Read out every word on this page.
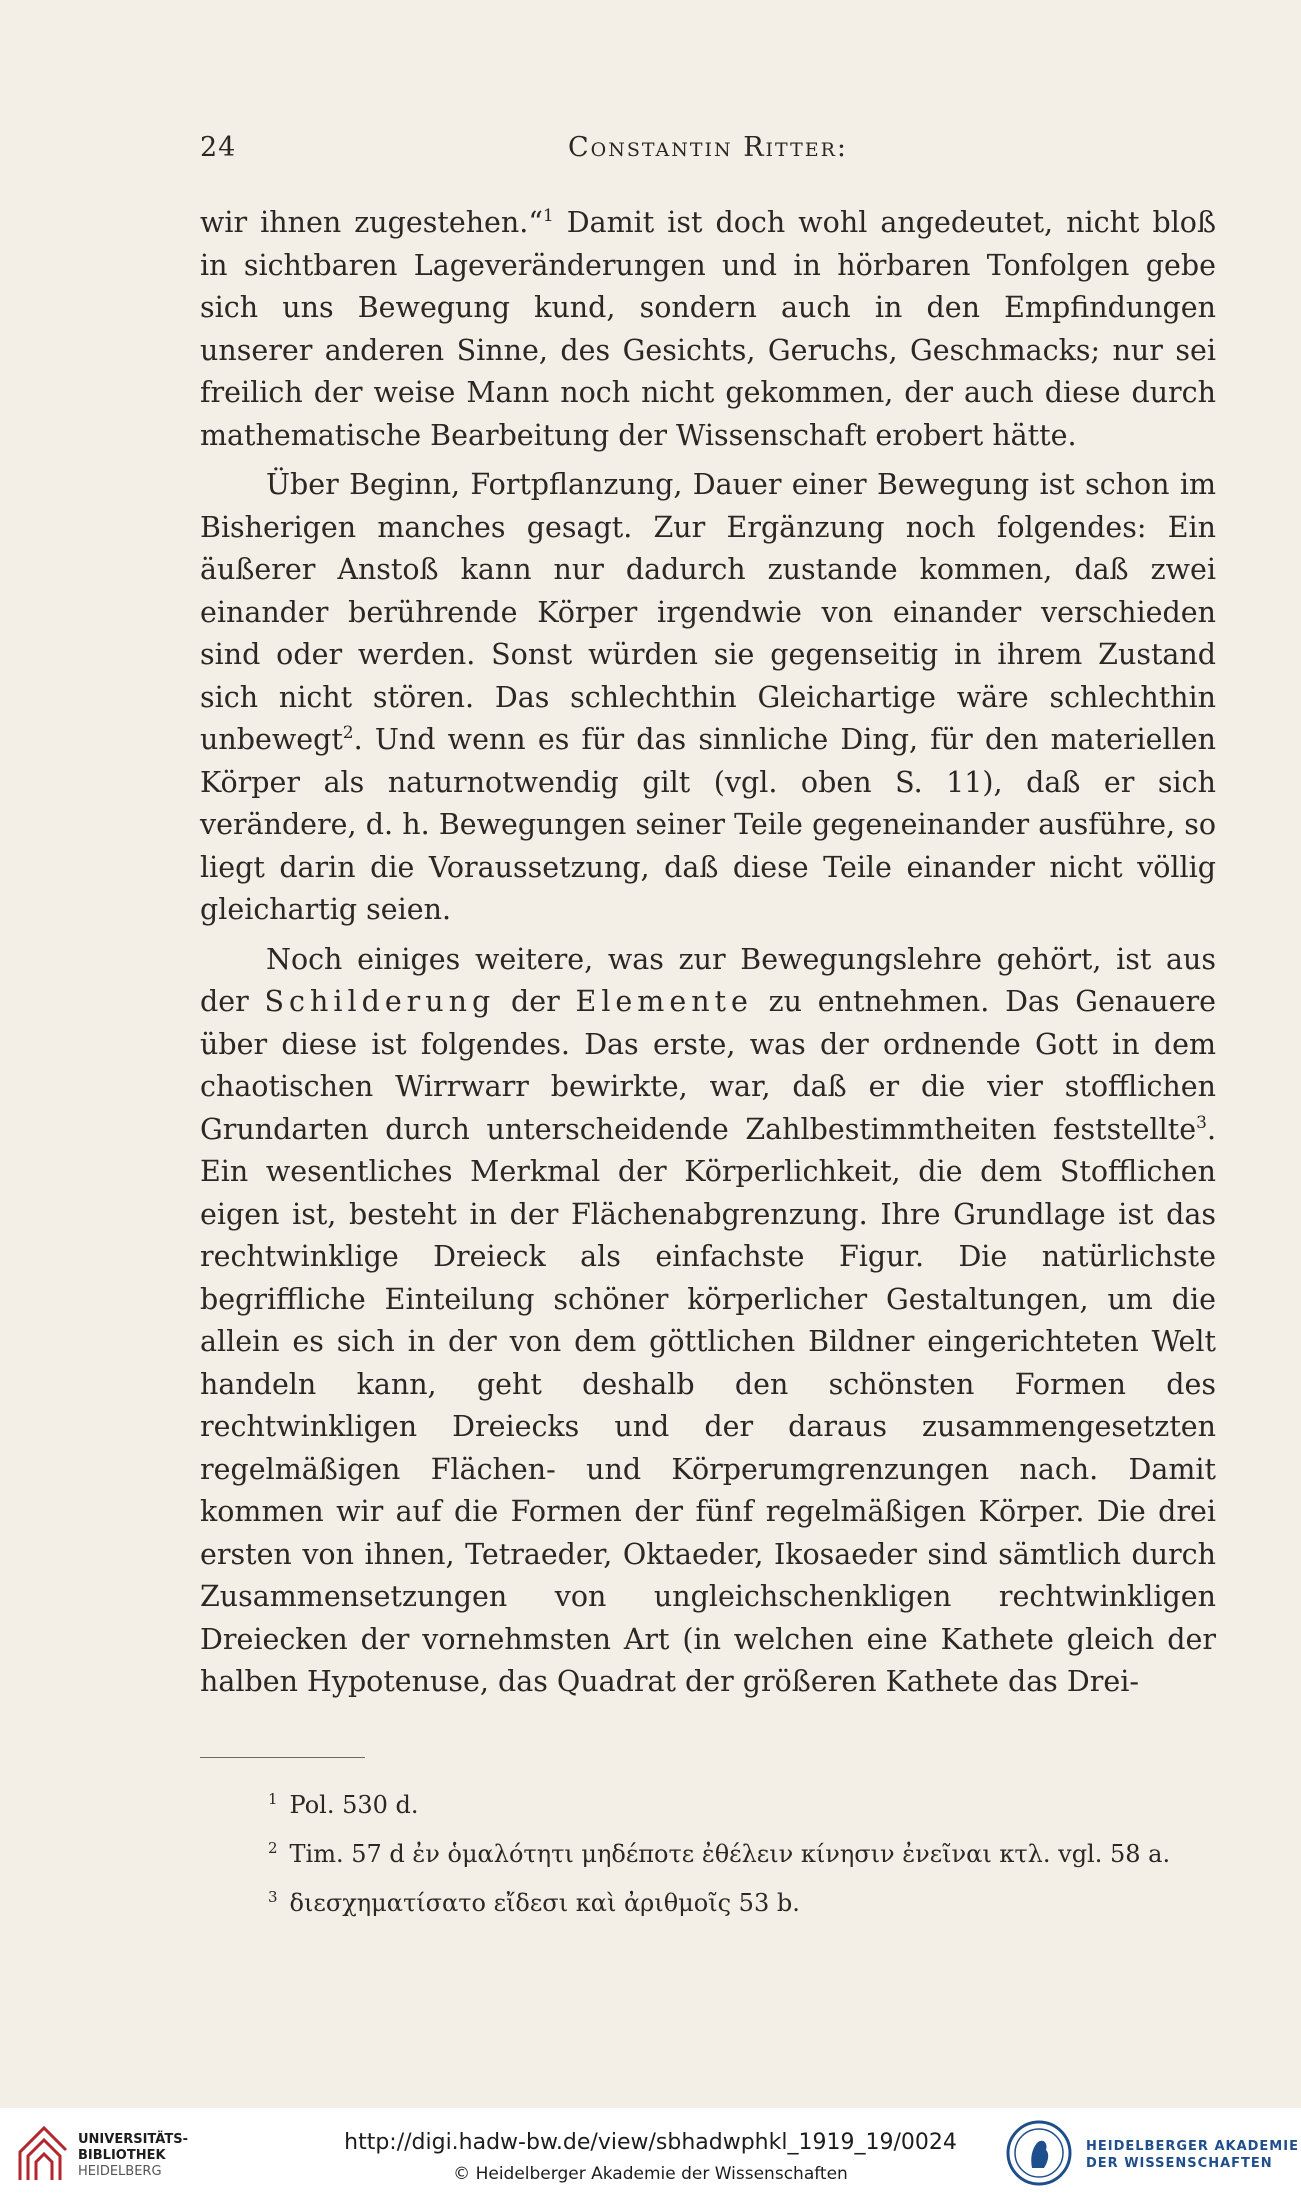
24	Constantin Ritter:

wir ihnen zugestehen.“$^1$ Damit ist doch wohl angedeutet, nicht bloß in sichtbaren Lageveränderungen und in hörbaren Tonfolgen gebe sich uns Bewegung kund, sondern auch in den Empfindungen unserer anderen Sinne, des Gesichts, Geruchs, Geschmacks; nur sei freilich der weise Mann noch nicht gekommen, der auch diese durch mathematische Bearbeitung der Wissenschaft erobert hätte.

Über Beginn, Fortpflanzung, Dauer einer Bewegung ist schon im Bisherigen manches gesagt. Zur Ergänzung noch folgendes: Ein äußerer Anstoß kann nur dadurch zustande kommen, daß zwei einander berührende Körper irgendwie von einander verschieden sind oder werden. Sonst würden sie gegenseitig in ihrem Zustand sich nicht stören. Das schlechthin Gleichartige wäre schlechthin unbewegt$^2$. Und wenn es für das sinnliche Ding, für den materiellen Körper als naturnotwendig gilt (vgl. oben S. 11), daß er sich verändere, d. h. Bewegungen seiner Teile gegeneinander ausführe, so liegt darin die Voraussetzung, daß diese Teile einander nicht völlig gleichartig seien.

Noch einiges weitere, was zur Bewegungslehre gehört, ist aus der Schilderung der Elemente zu entnehmen. Das Genauere über diese ist folgendes. Das erste, was der ordnende Gott in dem chaotischen Wirrwarr bewirkte, war, daß er die vier stofflichen Grundarten durch unterscheidende Zahlbestimmtheiten feststellte$^3$. Ein wesentliches Merkmal der Körperlichkeit, die dem Stofflichen eigen ist, besteht in der Flächenabgrenzung. Ihre Grundlage ist das rechtwinklige Dreieck als einfachste Figur. Die natürlichste begriffliche Einteilung schöner körperlicher Gestaltungen, um die allein es sich in der von dem göttlichen Bildner eingerichteten Welt handeln kann, geht deshalb den schönsten Formen des rechtwinkligen Dreiecks und der daraus zusammengesetzten regelmäßigen Flächen- und Körperumgrenzungen nach. Damit kommen wir auf die Formen der fünf regelmäßigen Körper. Die drei ersten von ihnen, Tetraeder, Oktaeder, Ikosaeder sind sämtlich durch Zusammensetzungen von ungleichschenkligen rechtwinkligen Dreiecken der vornehmsten Art (in welchen eine Kathete gleich der halben Hypotenuse, das Quadrat der größeren Kathete das Drei-

$^1$ Pol. 530 d.
$^2$ Tim. 57 d ἐν ὁμαλότητι μηδέποτε ἐθέλειν κίνησιν ἐνεῖναι κτλ. vgl. 58 a.
$^3$ διεσχηματίσατο εἴδεσι καὶ ἀριθμοῖς 53 b.
UNIVERSITÄTS-
BIBLIOTHEK
HEIDELBERG
http://digi.hadw-bw.de/view/sbhadwphkl_1919_19/0024
© Heidelberger Akademie der Wissenschaften
HEIDELBERGER AKADEMIE
DER WISSENSCHAFTEN
